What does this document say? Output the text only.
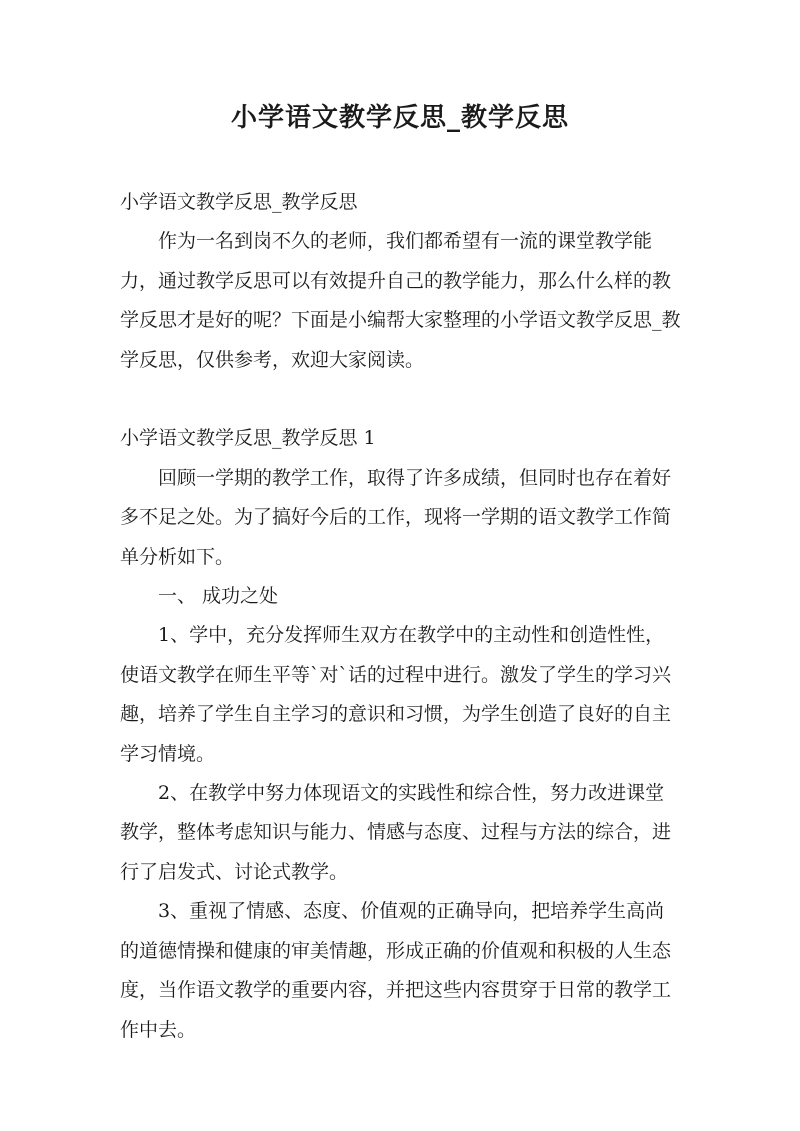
小学语文教学反思_教学反思

小学语文教学反思_教学反思

作为一名到岗不久的老师，我们都希望有一流的课堂教学能力，通过教学反思可以有效提升自己的教学能力，那么什么样的教学反思才是好的呢？下面是小编帮大家整理的小学语文教学反思_教学反思，仅供参考，欢迎大家阅读。

小学语文教学反思_教学反思 1

回顾一学期的教学工作，取得了许多成绩，但同时也存在着好多不足之处。为了搞好今后的工作，现将一学期的语文教学工作简单分析如下。

一、 成功之处

1、学中，充分发挥师生双方在教学中的主动性和创造性性，使语文教学在师生平等`对`话的过程中进行。激发了学生的学习兴趣，培养了学生自主学习的意识和习惯，为学生创造了良好的自主学习情境。

2、在教学中努力体现语文的实践性和综合性，努力改进课堂教学，整体考虑知识与能力、情感与态度、过程与方法的综合，进行了启发式、讨论式教学。

3、重视了情感、态度、价值观的正确导向，把培养学生高尚的道德情操和健康的审美情趣，形成正确的价值观和积极的人生态度，当作语文教学的重要内容，并把这些内容贯穿于日常的教学工作中去。
